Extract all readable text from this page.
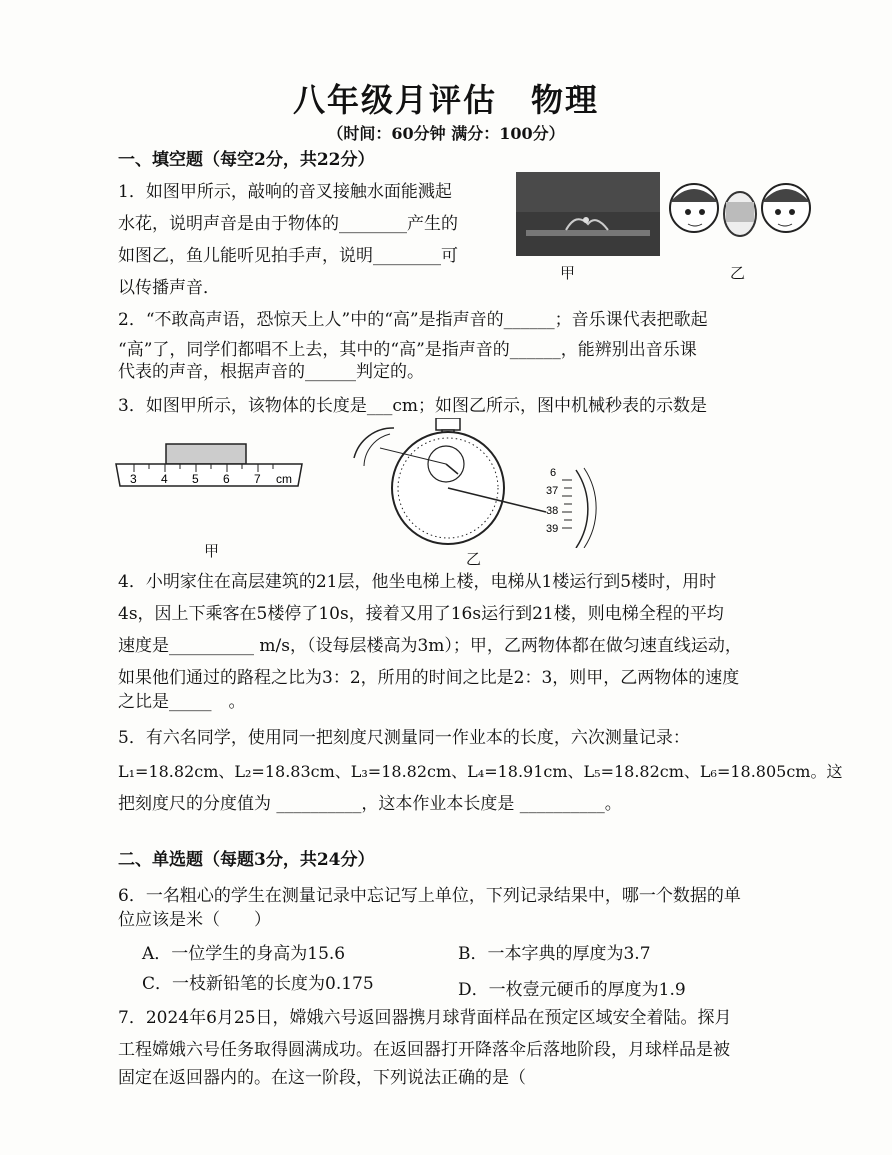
八年级月评估　物理
（时间：60分钟 满分：100分）
一、填空题（每空2分，共22分）
1．如图甲所示，敲响的音叉接触水面能溅起
水花，说明声音是由于物体的________产生的
如图乙，鱼儿能听见拍手声，说明________可
以传播声音．
甲	乙
2．“不敢高声语，恐惊天上人”中的“高”是指声音的______；音乐课代表把歌起
“高”了，同学们都唱不上去，其中的“高”是指声音的______，能辨别出音乐课
代表的声音，根据声音的______判定的。
3．如图甲所示，该物体的长度是___cm；如图乙所示，图中机械秒表的示数是
3 4 5 6 7 cm
甲
6
37
38
39
乙
4．小明家住在高层建筑的21层，他坐电梯上楼，电梯从1楼运行到5楼时，用时
4s，因上下乘客在5楼停了10s，接着又用了16s运行到21楼，则电梯全程的平均
速度是__________ m/s，（设每层楼高为3m）；甲，乙两物体都在做匀速直线运动，
如果他们通过的路程之比为3：2，所用的时间之比是2：3，则甲，乙两物体的速度
之比是_____　。
5．有六名同学，使用同一把刻度尺测量同一作业本的长度，六次测量记录：
L₁=18.82cm、L₂=18.83cm、L₃=18.82cm、L₄=18.91cm、L₅=18.82cm、L₆=18.805cm。这
把刻度尺的分度值为 __________，这本作业本长度是 __________。
二、单选题（每题3分，共24分）
6．一名粗心的学生在测量记录中忘记写上单位，下列记录结果中，哪一个数据的单
位应该是米（　　）
A．一位学生的身高为15.6	B．一本字典的厚度为3.7
C．一枝新铅笔的长度为0.175	D．一枚壹元硬币的厚度为1.9
7．2024年6月25日，嫦娥六号返回器携月球背面样品在预定区域安全着陆。探月
工程嫦娥六号任务取得圆满成功。在返回器打开降落伞后落地阶段，月球样品是被
固定在返回器内的。在这一阶段，下列说法正确的是（
